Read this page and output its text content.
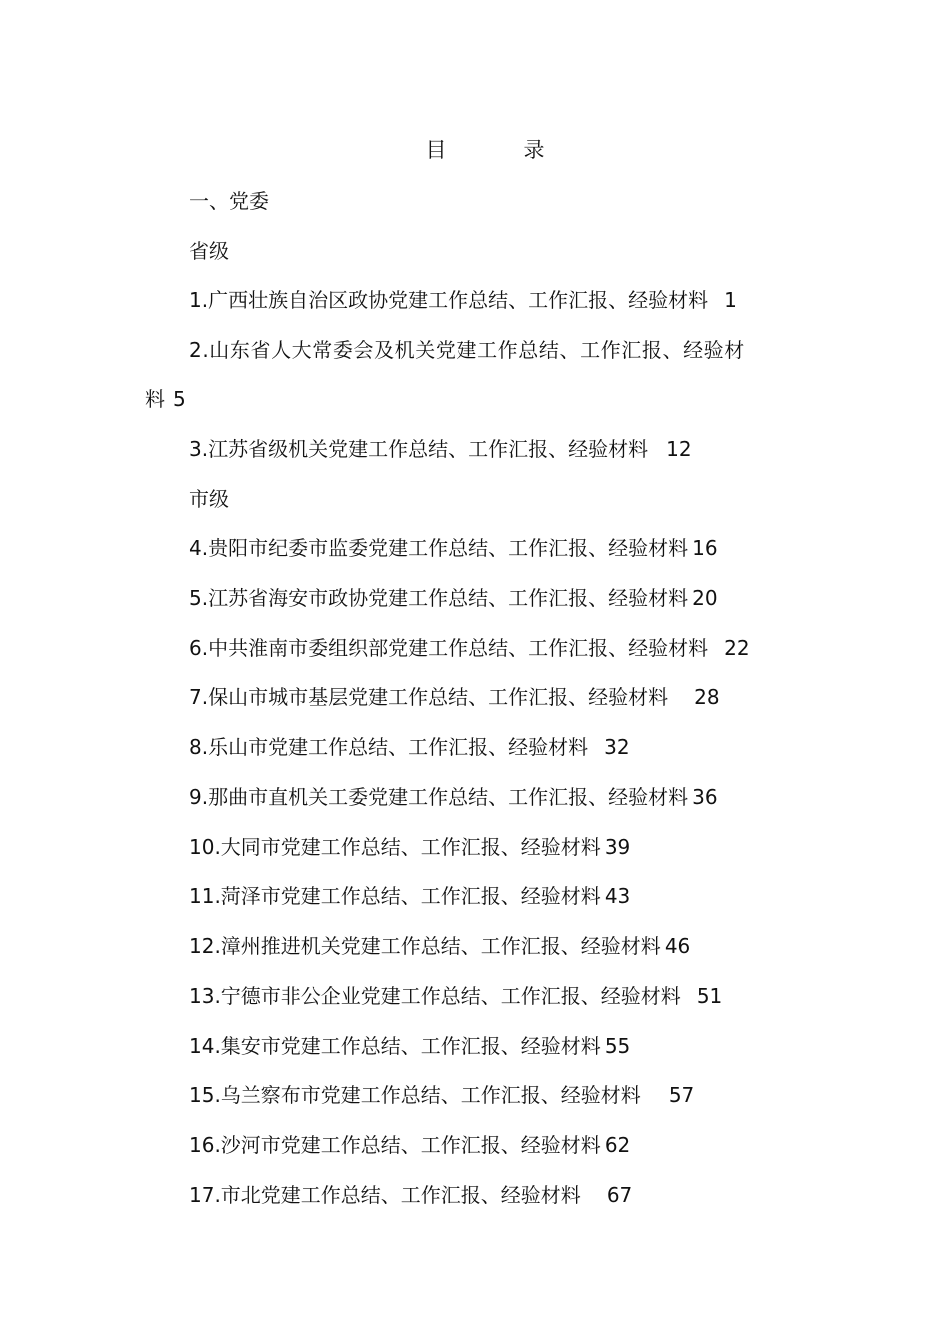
目　录
一、党委
省级
1.广西壮族自治区政协党建工作总结、工作汇报、经验材料 1
2.山东省人大常委会及机关党建工作总结、工作汇报、经验材
料 5
3.江苏省级机关党建工作总结、工作汇报、经验材料 12
市级
4.贵阳市纪委市监委党建工作总结、工作汇报、经验材料 16
5.江苏省海安市政协党建工作总结、工作汇报、经验材料 20
6.中共淮南市委组织部党建工作总结、工作汇报、经验材料 22
7.保山市城市基层党建工作总结、工作汇报、经验材料 28
8.乐山市党建工作总结、工作汇报、经验材料 32
9.那曲市直机关工委党建工作总结、工作汇报、经验材料 36
10.大同市党建工作总结、工作汇报、经验材料 39
11.菏泽市党建工作总结、工作汇报、经验材料 43
12.漳州推进机关党建工作总结、工作汇报、经验材料 46
13.宁德市非公企业党建工作总结、工作汇报、经验材料 51
14.集安市党建工作总结、工作汇报、经验材料 55
15.乌兰察布市党建工作总结、工作汇报、经验材料 57
16.沙河市党建工作总结、工作汇报、经验材料 62
17.市北党建工作总结、工作汇报、经验材料 67
